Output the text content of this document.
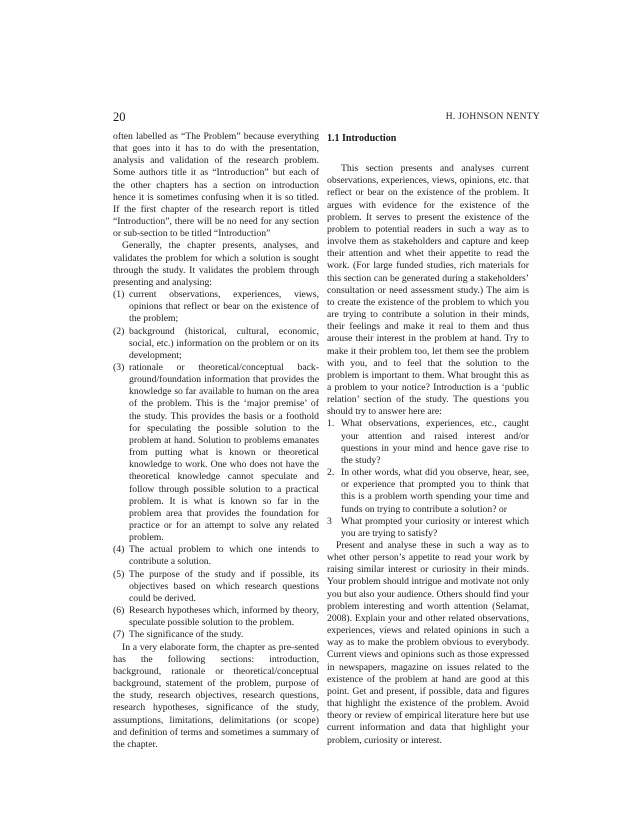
20	H. JOHNSON NENTY

often labelled as “The Problem” because everything that goes into it has to do with the presentation, analysis and validation of the research problem. Some authors title it as “Introduction” but each of the other chapters has a section on introduction hence it is sometimes confusing when it is so titled. If the first chapter of the research report is titled “Introduction”, there will be no need for any section or sub-section to be titled “Introduction”

Generally, the chapter presents, analyses, and validates the problem for which a solution is sought through the study. It validates the problem through presenting and analysing:

(1) current observations, experiences, views, opinions that reflect or bear on the existence of the problem;
(2) background (historical, cultural, economic, social, etc.) information on the problem or on its development;
(3) rationale or theoretical/conceptual back-ground/foundation information that provides the knowledge so far available to human on the area of the problem. This is the ‘major premise’ of the study. This provides the basis or a foothold for speculating the possible solution to the problem at hand. Solution to problems emanates from putting what is known or theoretical knowledge to work. One who does not have the theoretical knowledge cannot speculate and follow through possible solution to a practical problem. It is what is known so far in the problem area that provides the foundation for practice or for an attempt to solve any related problem.
(4) The actual problem to which one intends to contribute a solution.
(5) The purpose of the study and if possible, its objectives based on which research questions could be derived.
(6) Research hypotheses which, informed by theory, speculate possible solution to the problem.
(7) The significance of the study.

In a very elaborate form, the chapter as pre-sented has the following sections: introduction, background, rationale or theoretical/conceptual background, statement of the problem, purpose of the study, research objectives, research questions, research hypotheses, significance of the study, assumptions, limitations, delimitations (or scope) and definition of terms and sometimes a summary of the chapter.

1.1 Introduction

This section presents and analyses current observations, experiences, views, opinions, etc. that reflect or bear on the existence of the problem. It argues with evidence for the existence of the problem. It serves to present the existence of the problem to potential readers in such a way as to involve them as stakeholders and capture and keep their attention and whet their appetite to read the work. (For large funded studies, rich materials for this section can be generated during a stakeholders’ consultation or need assessment study.) The aim is to create the existence of the problem to which you are trying to contribute a solution in their minds, their feelings and make it real to them and thus arouse their interest in the problem at hand. Try to make it their problem too, let them see the problem with you, and to feel that the solution to the problem is important to them. What brought this as a problem to your notice? Introduction is a ‘public relation’ section of the study. The questions you should try to answer here are:

1. What observations, experiences, etc., caught your attention and raised interest and/or questions in your mind and hence gave rise to the study?
2. In other words, what did you observe, hear, see, or experience that prompted you to think that this is a problem worth spending your time and funds on trying to contribute a solution? or
3 What prompted your curiosity or interest which you are trying to satisfy?

Present and analyse these in such a way as to whet other person’s appetite to read your work by raising similar interest or curiosity in their minds. Your problem should intrigue and motivate not only you but also your audience. Others should find your problem interesting and worth attention (Selamat, 2008). Explain your and other related observations, experiences, views and related opinions in such a way as to make the problem obvious to everybody. Current views and opinions such as those expressed in newspapers, magazine on issues related to the existence of the problem at hand are good at this point. Get and present, if possible, data and figures that highlight the existence of the problem. Avoid theory or review of empirical literature here but use current information and data that highlight your problem, curiosity or interest.
